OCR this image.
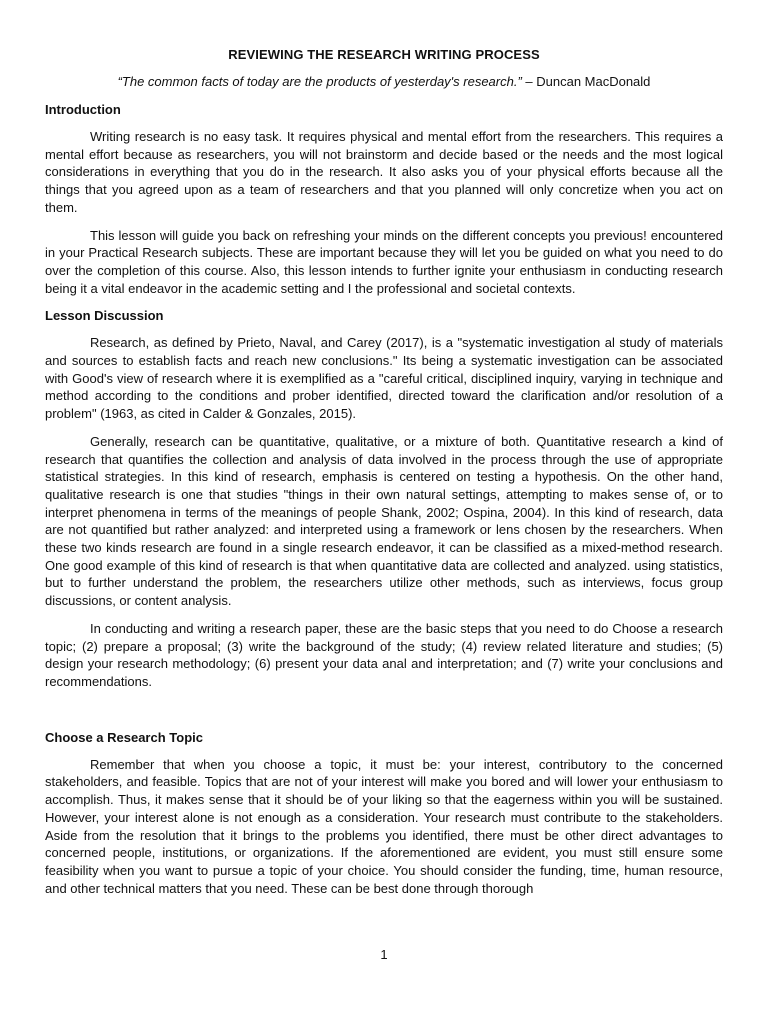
REVIEWING THE RESEARCH WRITING PROCESS
“The common facts of today are the products of yesterday's research.” – Duncan MacDonald
Introduction

Writing research is no easy task. It requires physical and mental effort from the researchers. This requires a mental effort because as researchers, you will not brainstorm and decide based or the needs and the most logical considerations in everything that you do in the research. It also asks you of your physical efforts because all the things that you agreed upon as a team of researchers and that you planned will only concretize when you act on them.

This lesson will guide you back on refreshing your minds on the different concepts you previous! encountered in your Practical Research subjects. These are important because they will let you be guided on what you need to do over the completion of this course. Also, this lesson intends to further ignite your enthusiasm in conducting research being it a vital endeavor in the academic setting and I the professional and societal contexts.

Lesson Discussion

Research, as defined by Prieto, Naval, and Carey (2017), is a "systematic investigation al study of materials and sources to establish facts and reach new conclusions." Its being a systematic investigation can be associated with Good's view of research where it is exemplified as a "careful critical, disciplined inquiry, varying in technique and method according to the conditions and prober identified, directed toward the clarification and/or resolution of a problem" (1963, as cited in Calder & Gonzales, 2015).

Generally, research can be quantitative, qualitative, or a mixture of both. Quantitative research a kind of research that quantifies the collection and analysis of data involved in the process through the use of appropriate statistical strategies. In this kind of research, emphasis is centered on testing a hypothesis. On the other hand, qualitative research is one that studies "things in their own natural settings, attempting to makes sense of, or to interpret phenomena in terms of the meanings of people Shank, 2002; Ospina, 2004). In this kind of research, data are not quantified but rather analyzed: and interpreted using a framework or lens chosen by the researchers. When these two kinds research are found in a single research endeavor, it can be classified as a mixed-method research. One good example of this kind of research is that when quantitative data are collected and analyzed. using statistics, but to further understand the problem, the researchers utilize other methods, such as interviews, focus group discussions, or content analysis.

In conducting and writing a research paper, these are the basic steps that you need to do Choose a research topic; (2) prepare a proposal; (3) write the background of the study; (4) review related literature and studies; (5) design your research methodology; (6) present your data anal and interpretation; and (7) write your conclusions and recommendations.

Choose a Research Topic

Remember that when you choose a topic, it must be: your interest, contributory to the concerned stakeholders, and feasible. Topics that are not of your interest will make you bored and will lower your enthusiasm to accomplish. Thus, it makes sense that it should be of your liking so that the eagerness within you will be sustained. However, your interest alone is not enough as a consideration. Your research must contribute to the stakeholders. Aside from the resolution that it brings to the problems you identified, there must be other direct advantages to concerned people, institutions, or organizations. If the aforementioned are evident, you must still ensure some feasibility when you want to pursue a topic of your choice. You should consider the funding, time, human resource, and other technical matters that you need. These can be best done through thorough

1
